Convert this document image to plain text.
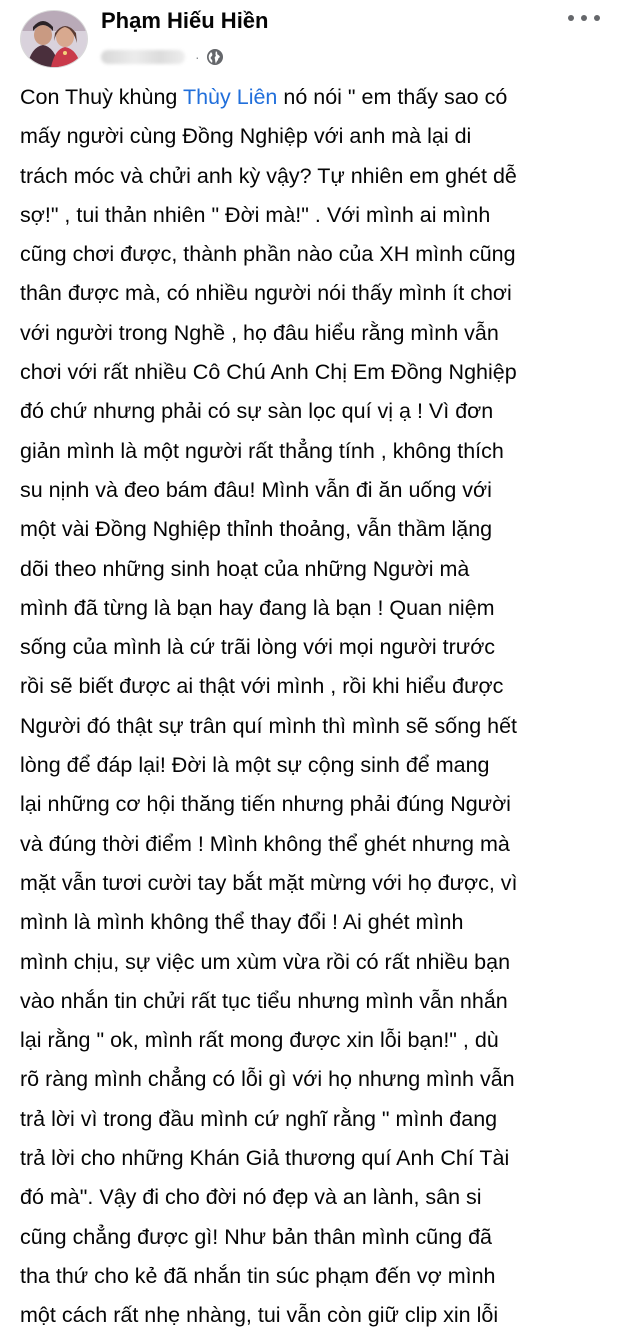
Phạm Hiếu Hiền
·
Con Thuỳ khùng Thùy Liên nó nói " em thấy sao có
mấy người cùng Đồng Nghiệp với anh mà lại di
trách móc và chửi anh kỳ vậy? Tự nhiên em ghét dễ
sợ!" , tui thản nhiên " Đời mà!" . Với mình ai mình
cũng chơi được, thành phần nào của XH mình cũng
thân được mà, có nhiều người nói thấy mình ít chơi
với người trong Nghề , họ đâu hiểu rằng mình vẫn
chơi với rất nhiều Cô Chú Anh Chị Em Đồng Nghiệp
đó chứ nhưng phải có sự sàn lọc quí vị ạ ! Vì đơn
giản mình là một người rất thẳng tính , không thích
su nịnh và đeo bám đâu! Mình vẫn đi ăn uống với
một vài Đồng Nghiệp thỉnh thoảng, vẫn thầm lặng
dõi theo những sinh hoạt của những Người mà
mình đã từng là bạn hay đang là bạn ! Quan niệm
sống của mình là cứ trãi lòng với mọi người trước
rồi sẽ biết được ai thật với mình , rồi khi hiểu được
Người đó thật sự trân quí mình thì mình sẽ sống hết
lòng để đáp lại! Đời là một sự cộng sinh để mang
lại những cơ hội thăng tiến nhưng phải đúng Người
và đúng thời điểm ! Mình không thể ghét nhưng mà
mặt vẫn tươi cười tay bắt mặt mừng với họ được, vì
mình là mình không thể thay đổi ! Ai ghét mình
mình chịu, sự việc um xùm vừa rồi có rất nhiều bạn
vào nhắn tin chửi rất tục tiểu nhưng mình vẫn nhắn
lại rằng " ok, mình rất mong được xin lỗi bạn!" , dù
rõ ràng mình chẳng có lỗi gì với họ nhưng mình vẫn
trả lời vì trong đầu mình cứ nghĩ rằng " mình đang
trả lời cho những Khán Giả thương quí Anh Chí Tài
đó mà". Vậy đi cho đời nó đẹp và an lành, sân si
cũng chẳng được gì! Như bản thân mình cũng đã
tha thứ cho kẻ đã nhắn tin súc phạm đến vợ mình
một cách rất nhẹ nhàng, tui vẫn còn giữ clip xin lỗi
